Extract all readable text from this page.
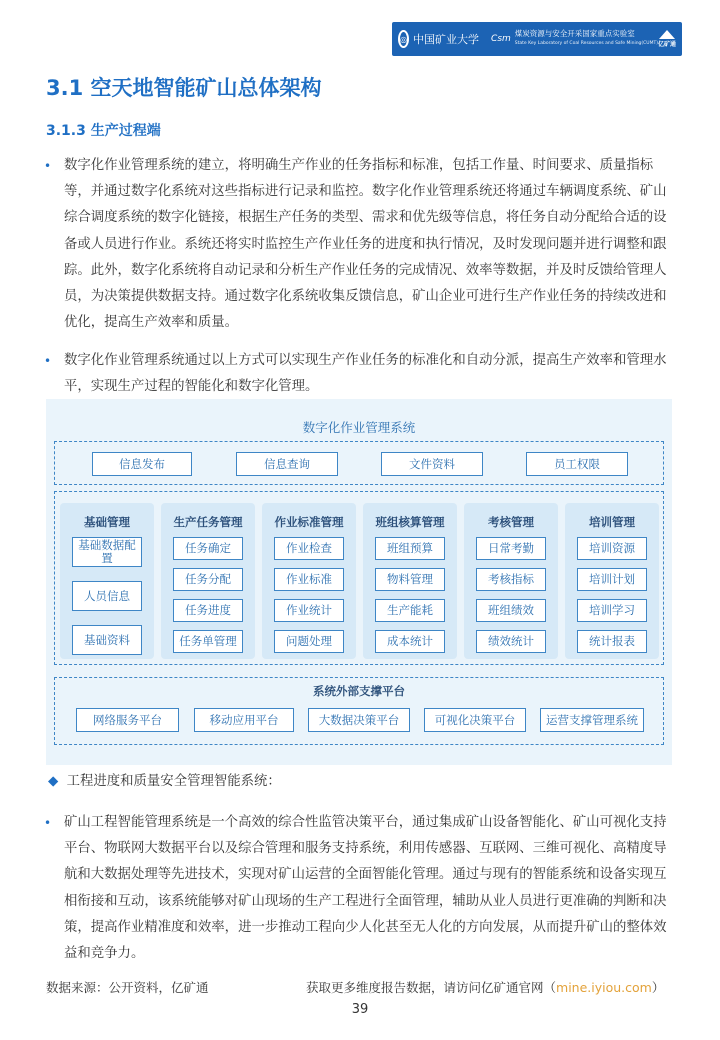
◎ 中国矿业大学 Csm
煤炭资源与安全开采国家重点实验室
State Key Laboratory of Coal Resources and Safe Mining(CUMT) 亿矿通
3.1 空天地智能矿山总体架构
3.1.3 生产过程端
• 数字化作业管理系统的建立，将明确生产作业的任务指标和标准，包括工作量、时间要求、质量指标等，并通过数字化系统对这些指标进行记录和监控。数字化作业管理系统还将通过车辆调度系统、矿山综合调度系统的数字化链接，根据生产任务的类型、需求和优先级等信息，将任务自动分配给合适的设备或人员进行作业。系统还将实时监控生产作业任务的进度和执行情况，及时发现问题并进行调整和跟踪。此外，数字化系统将自动记录和分析生产作业任务的完成情况、效率等数据，并及时反馈给管理人员，为决策提供数据支持。通过数字化系统收集反馈信息，矿山企业可进行生产作业任务的持续改进和优化，提高生产效率和质量。
• 数字化作业管理系统通过以上方式可以实现生产作业任务的标准化和自动分派，提高生产效率和管理水平，实现生产过程的智能化和数字化管理。
数字化作业管理系统
信息发布	信息查询	文件资料	员工权限
基础管理
基础数据配置
人员信息
基础资料
生产任务管理
任务确定
任务分配
任务进度
任务单管理
作业标准管理
作业检查
作业标准
作业统计
问题处理
班组核算管理
班组预算
物料管理
生产能耗
成本统计
考核管理
日常考勤
考核指标
班组绩效
绩效统计
培训管理
培训资源
培训计划
培训学习
统计报表
系统外部支撑平台
网络服务平台	移动应用平台	大数据决策平台	可视化决策平台	运营支撑管理系统
◆ 工程进度和质量安全管理智能系统：
• 矿山工程智能管理系统是一个高效的综合性监管决策平台，通过集成矿山设备智能化、矿山可视化支持平台、物联网大数据平台以及综合管理和服务支持系统，利用传感器、互联网、三维可视化、高精度导航和大数据处理等先进技术，实现对矿山运营的全面智能化管理。通过与现有的智能系统和设备实现互相衔接和互动，该系统能够对矿山现场的生产工程进行全面管理，辅助从业人员进行更准确的判断和决策，提高作业精准度和效率，进一步推动工程向少人化甚至无人化的方向发展，从而提升矿山的整体效益和竞争力。
数据来源：公开资料，亿矿通	获取更多维度报告数据，请访问亿矿通官网（mine.iyiou.com）
39
